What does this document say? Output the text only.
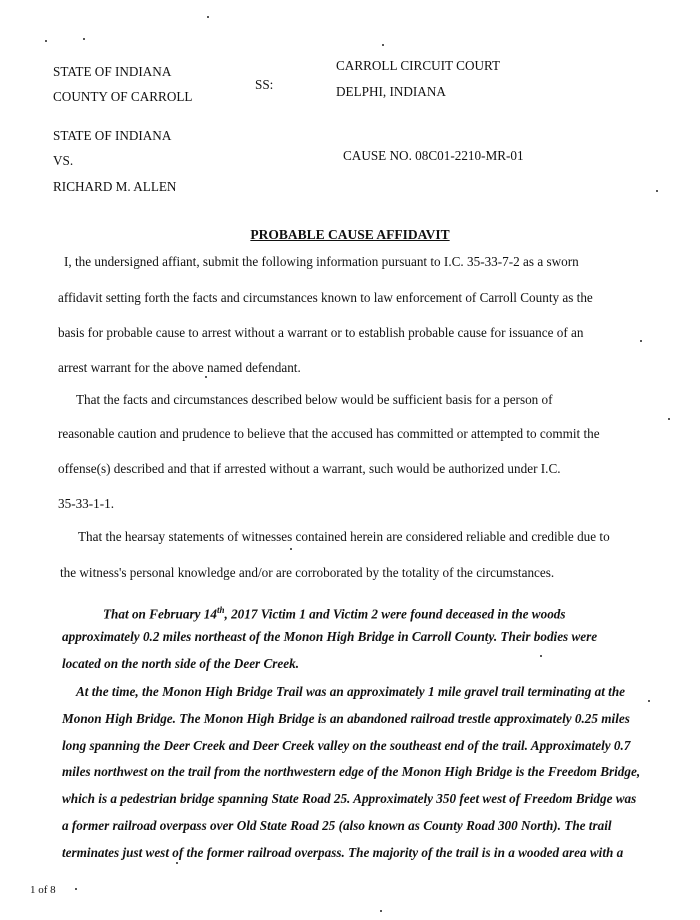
STATE OF INDIANA
COUNTY OF CARROLL
SS:
CARROLL CIRCUIT COURT
DELPHI, INDIANA
STATE OF INDIANA
VS.
RICHARD M. ALLEN
CAUSE NO. 08C01-2210-MR-01
PROBABLE CAUSE AFFIDAVIT
I, the undersigned affiant, submit the following information pursuant to I.C. 35-33-7-2 as a sworn
affidavit setting forth the facts and circumstances known to law enforcement of Carroll County as the
basis for probable cause to arrest without a warrant or to establish probable cause for issuance of an
arrest warrant for the above named defendant.
That the facts and circumstances described below would be sufficient basis for a person of
reasonable caution and prudence to believe that the accused has committed or attempted to commit the
offense(s) described and that if arrested without a warrant, such would be authorized under I.C.
35-33-1-1.
That the hearsay statements of witnesses contained herein are considered reliable and credible due to
the witness's personal knowledge and/or are corroborated by the totality of the circumstances.
That on February 14th, 2017 Victim 1 and Victim 2 were found deceased in the woods
approximately 0.2 miles northeast of the Monon High Bridge in Carroll County. Their bodies were
located on the north side of the Deer Creek.
At the time, the Monon High Bridge Trail was an approximately 1 mile gravel trail terminating at the
Monon High Bridge. The Monon High Bridge is an abandoned railroad trestle approximately 0.25 miles
long spanning the Deer Creek and Deer Creek valley on the southeast end of the trail. Approximately 0.7
miles northwest on the trail from the northwestern edge of the Monon High Bridge is the Freedom Bridge,
which is a pedestrian bridge spanning State Road 25. Approximately 350 feet west of Freedom Bridge was
a former railroad overpass over Old State Road 25 (also known as County Road 300 North). The trail
terminates just west of the former railroad overpass. The majority of the trail is in a wooded area with a
1 of 8
